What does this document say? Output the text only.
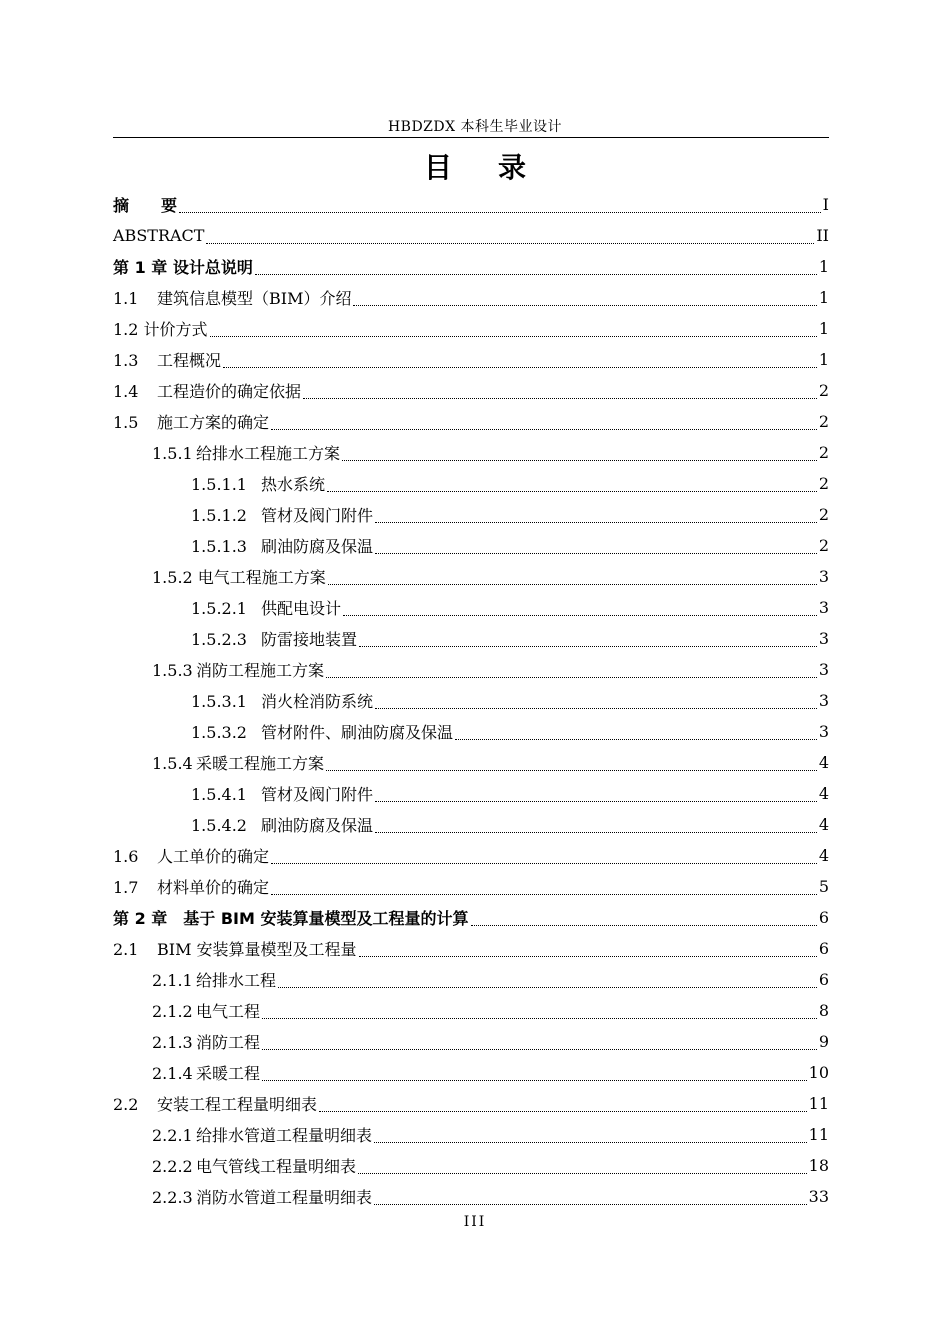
HBDZDX 本科生毕业设计
目 录
摘　　要	I
ABSTRACT	II
第 1 章 设计总说明	1
1.1 建筑信息模型（BIM）介绍	1
1.2 计价方式	1
1.3 工程概况	1
1.4 工程造价的确定依据	2
1.5 施工方案的确定	2
1.5.1 给排水工程施工方案	2
1.5.1.1 热水系统	2
1.5.1.2 管材及阀门附件	2
1.5.1.3 刷油防腐及保温	2
1.5.2 电气工程施工方案	3
1.5.2.1 供配电设计	3
1.5.2.3 防雷接地装置	3
1.5.3 消防工程施工方案	3
1.5.3.1 消火栓消防系统	3
1.5.3.2 管材附件、刷油防腐及保温	3
1.5.4 采暖工程施工方案	4
1.5.4.1 管材及阀门附件	4
1.5.4.2 刷油防腐及保温	4
1.6 人工单价的确定	4
1.7 材料单价的确定	5
第 2 章　基于 BIM 安装算量模型及工程量的计算	6
2.1 BIM 安装算量模型及工程量	6
2.1.1 给排水工程	6
2.1.2 电气工程	8
2.1.3 消防工程	9
2.1.4 采暖工程	10
2.2 安装工程工程量明细表	11
2.2.1 给排水管道工程量明细表	11
2.2.2 电气管线工程量明细表	18
2.2.3 消防水管道工程量明细表	33
III
